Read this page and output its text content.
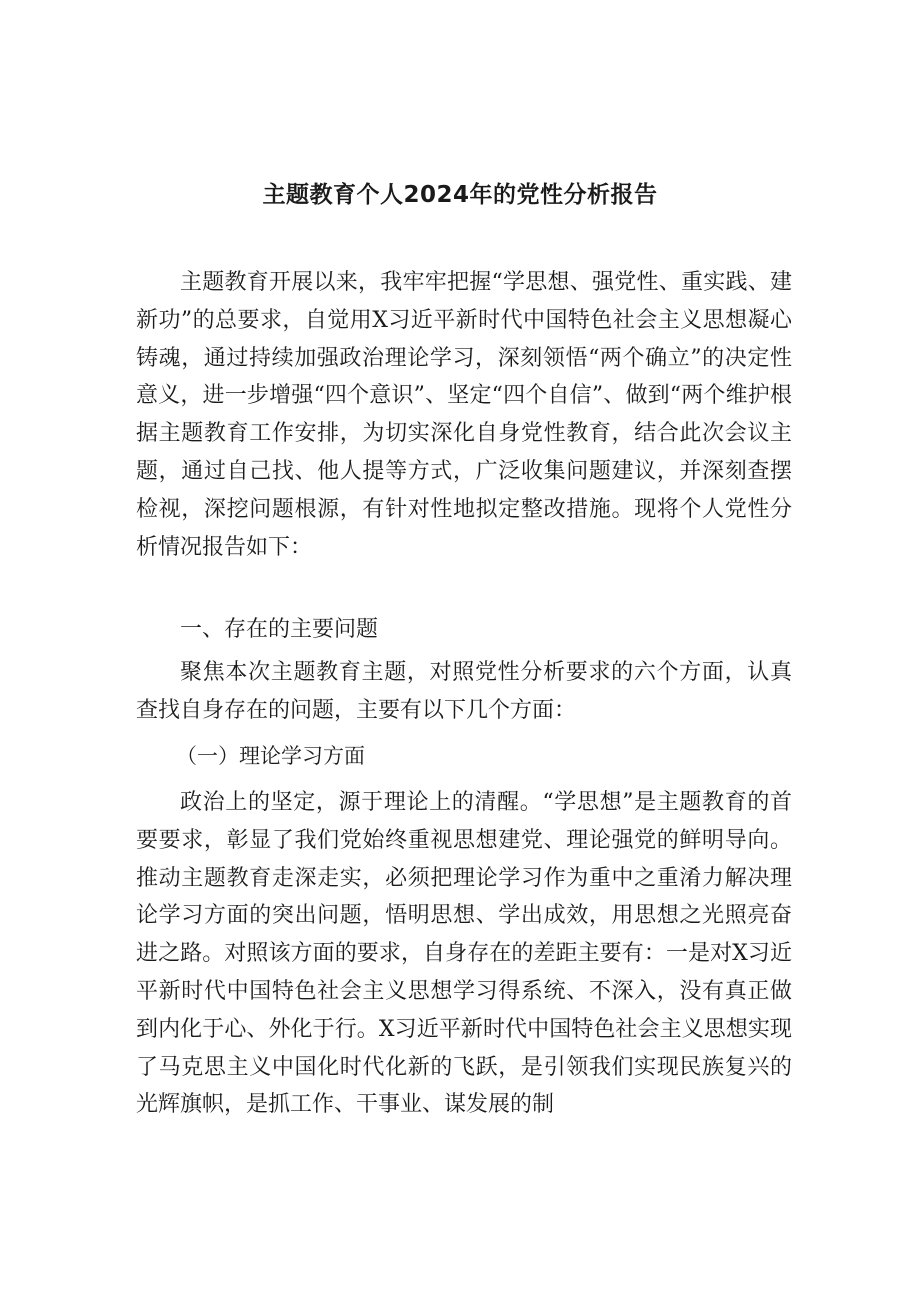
主题教育个人2024年的党性分析报告

主题教育开展以来，我牢牢把握“学思想、强党性、重实践、建新功”的总要求，自觉用X习近平新时代中国特色社会主义思想凝心铸魂，通过持续加强政治理论学习，深刻领悟“两个确立”的决定性意义，进一步增强“四个意识”、坚定“四个自信”、做到“两个维护根据主题教育工作安排，为切实深化自身党性教育，结合此次会议主题，通过自己找、他人提等方式，广泛收集问题建议，并深刻查摆检视，深挖问题根源，有针对性地拟定整改措施。现将个人党性分析情况报告如下：

一、存在的主要问题

聚焦本次主题教育主题，对照党性分析要求的六个方面，认真查找自身存在的问题，主要有以下几个方面：

（一）理论学习方面

政治上的坚定，源于理论上的清醒。“学思想”是主题教育的首要要求，彰显了我们党始终重视思想建党、理论强党的鲜明导向。推动主题教育走深走实，必须把理论学习作为重中之重淆力解决理论学习方面的突出问题，悟明思想、学出成效，用思想之光照亮奋进之路。对照该方面的要求，自身存在的差距主要有：一是对X习近平新时代中国特色社会主义思想学习得系统、不深入，没有真正做到内化于心、外化于行。X习近平新时代中国特色社会主义思想实现了马克思主义中国化时代化新的飞跃，是引领我们实现民族复兴的光辉旗帜，是抓工作、干事业、谋发展的制
